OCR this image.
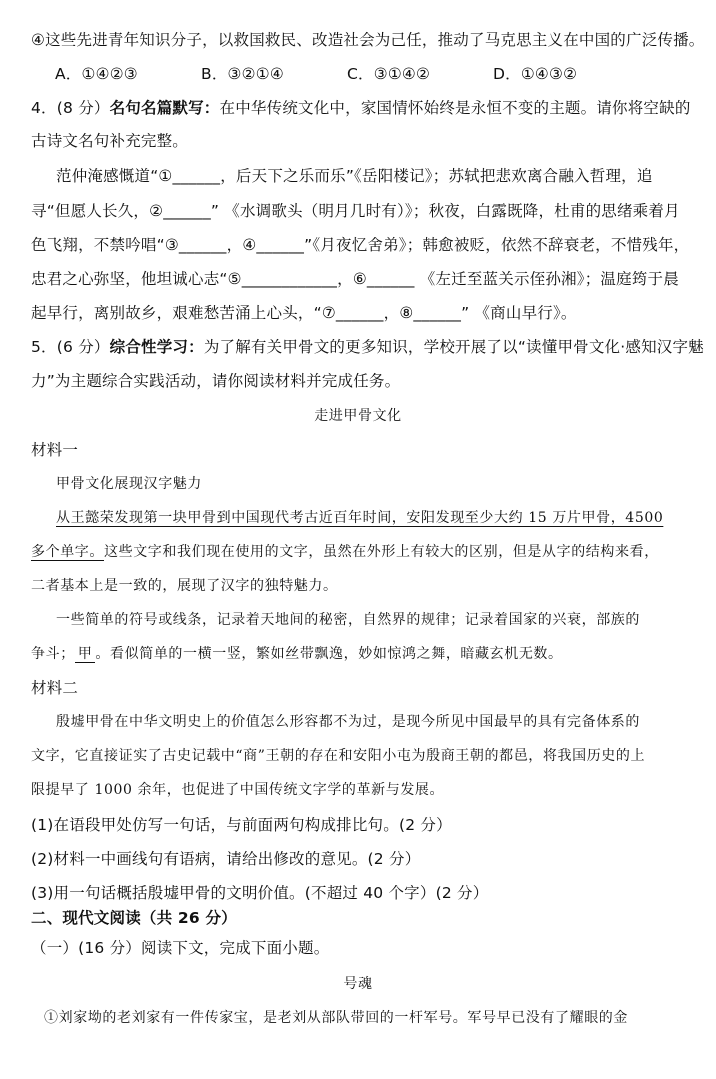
④这些先进青年知识分子，以救国救民、改造社会为己任，推动了马克思主义在中国的广泛传播。
A．①④②③	B．③②①④	C．③①④②	D．①④③②
4．(8 分）名句名篇默写：在中华传统文化中，家国情怀始终是永恒不变的主题。请你将空缺的
古诗文名句补充完整。
范仲淹感慨道“①______，后天下之乐而乐”《岳阳楼记》；苏轼把悲欢离合融入哲理，追
寻“但愿人长久，②______” 《水调歌头（明月几时有）》；秋夜，白露既降，杜甫的思绪乘着月
色飞翔，不禁吟唱“③______，④______”《月夜忆舍弟》；韩愈被贬，依然不辞衰老，不惜残年，
忠君之心弥坚，他坦诚心志“⑤____________，⑥______ 《左迁至蓝关示侄孙湘》；温庭筠于晨
起早行，离别故乡，艰难愁苦涌上心头，“⑦______，⑧______” 《商山早行》。
5．(6 分）综合性学习：为了解有关甲骨文的更多知识，学校开展了以“读懂甲骨文化·感知汉字魅
力”为主题综合实践活动，请你阅读材料并完成任务。
走进甲骨文化
材料一
甲骨文化展现汉字魅力
从王懿荣发现第一块甲骨到中国现代考古近百年时间，安阳发现至少大约 15 万片甲骨，4500
多个单字。这些文字和我们现在使用的文字，虽然在外形上有较大的区别，但是从字的结构来看，
二者基本上是一致的，展现了汉字的独特魅力。
一些简单的符号或线条，记录着天地间的秘密，自然界的规律；记录着国家的兴衰，部族的
争斗； 甲 。看似简单的一横一竖，繁如丝带飘逸，妙如惊鸿之舞，暗藏玄机无数。
材料二
殷墟甲骨在中华文明史上的价值怎么形容都不为过，是现今所见中国最早的具有完备体系的
文字，它直接证实了古史记载中“商”王朝的存在和安阳小屯为殷商王朝的都邑，将我国历史的上
限提早了 1000 余年，也促进了中国传统文字学的革新与发展。
(1)在语段甲处仿写一句话，与前面两句构成排比句。(2 分）
(2)材料一中画线句有语病，请给出修改的意见。(2 分）
(3)用一句话概括殷墟甲骨的文明价值。(不超过 40 个字）(2 分）
二、现代文阅读（共 26 分）
（一）(16 分）阅读下文，完成下面小题。
号魂
①刘家坳的老刘家有一件传家宝，是老刘从部队带回的一杆军号。军号早已没有了耀眼的金
